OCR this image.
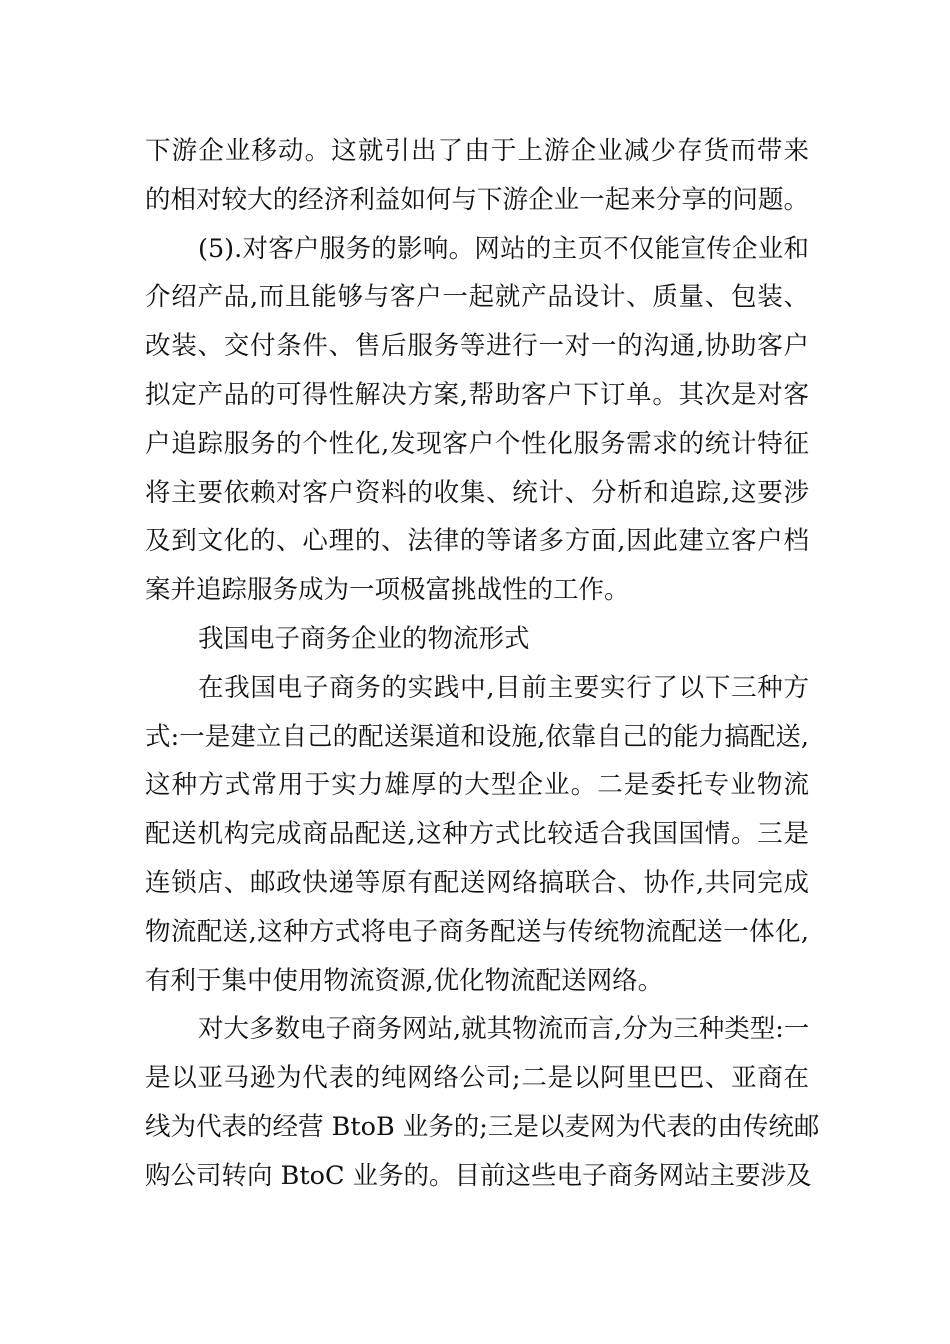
下游企业移动。这就引出了由于上游企业减少存货而带来
的相对较大的经济利益如何与下游企业一起来分享的问题。
(5).对客户服务的影响。网站的主页不仅能宣传企业和
介绍产品,而且能够与客户一起就产品设计、质量、包装、
改装、交付条件、售后服务等进行一对一的沟通,协助客户
拟定产品的可得性解决方案,帮助客户下订单。其次是对客
户追踪服务的个性化,发现客户个性化服务需求的统计特征
将主要依赖对客户资料的收集、统计、分析和追踪,这要涉
及到文化的、心理的、法律的等诸多方面,因此建立客户档
案并追踪服务成为一项极富挑战性的工作。
我国电子商务企业的物流形式
在我国电子商务的实践中,目前主要实行了以下三种方
式:一是建立自己的配送渠道和设施,依靠自己的能力搞配送,
这种方式常用于实力雄厚的大型企业。二是委托专业物流
配送机构完成商品配送,这种方式比较适合我国国情。三是
连锁店、邮政快递等原有配送网络搞联合、协作,共同完成
物流配送,这种方式将电子商务配送与传统物流配送一体化,
有利于集中使用物流资源,优化物流配送网络。
对大多数电子商务网站,就其物流而言,分为三种类型:一
是以亚马逊为代表的纯网络公司;二是以阿里巴巴、亚商在
线为代表的经营 BtoB 业务的;三是以麦网为代表的由传统邮
购公司转向 BtoC 业务的。目前这些电子商务网站主要涉及
